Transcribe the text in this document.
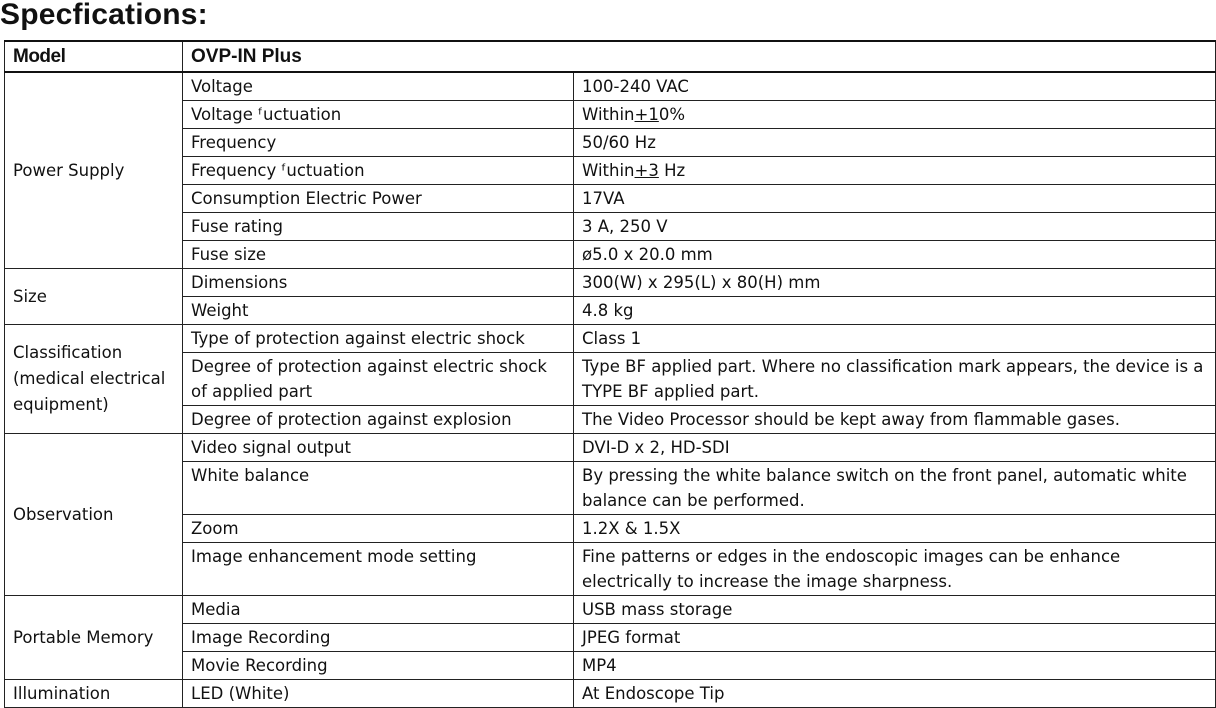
Specfications:
Model	OVP-IN Plus	
Power Supply	Voltage	100-240 VAC
	Voltage ᶠuctuation	Within+10%
	Frequency	50/60 Hz
	Frequency ᶠuctuation	Within+3 Hz
	Consumption Electric Power	17VA
	Fuse rating	3 A, 250 V
	Fuse size	ø5.0 x 20.0 mm
Size	Dimensions	300(W) x 295(L) x 80(H) mm
	Weight	4.8 kg
Classiﬁcation (medical electrical equipment)	Type of protection against electric shock	Class 1
	Degree of protection against electric shock of applied part	Type BF applied part. Where no classiﬁcation mark appears, the device is a TYPE BF applied part.
	Degree of protection against explosion	The Video Processor should be kept away from ﬂammable gases.
Observation	Video signal output	DVI-D x 2, HD-SDI
	White balance	By pressing the white balance switch on the front panel, automatic white balance can be performed.
	Zoom	1.2X & 1.5X
	Image enhancement mode setting	Fine patterns or edges in the endoscopic images can be enhance electrically to increase the image sharpness.
Portable Memory	Media	USB mass storage
	Image Recording	JPEG format
	Movie Recording	MP4
Illumination	LED (White)	At Endoscope Tip
